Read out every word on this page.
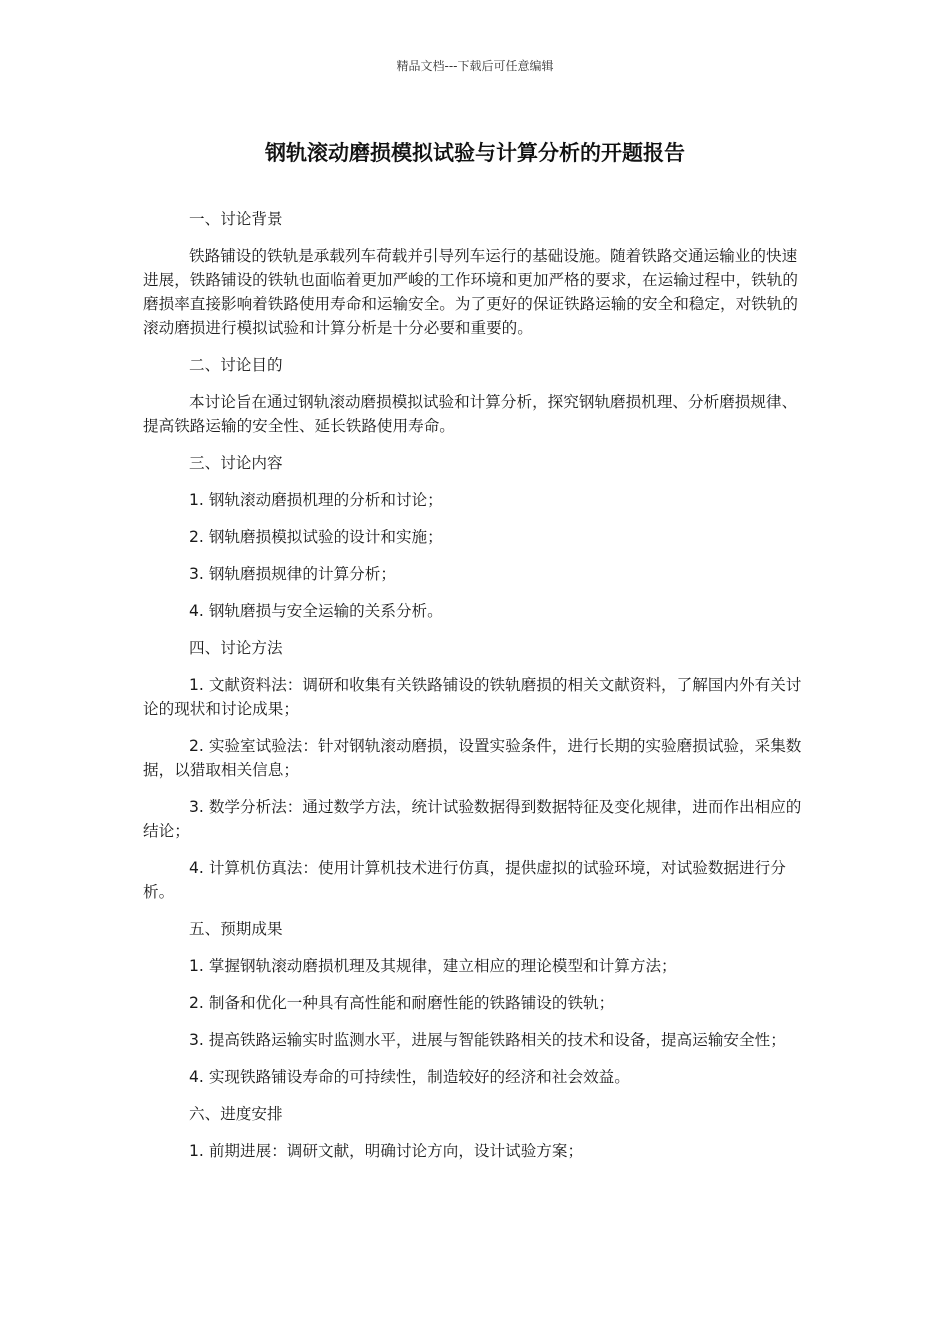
精品文档---下载后可任意编辑
钢轨滚动磨损模拟试验与计算分析的开题报告

一、讨论背景

铁路铺设的铁轨是承载列车荷载并引导列车运行的基础设施。随着铁路交通运输业的快速进展，铁路铺设的铁轨也面临着更加严峻的工作环境和更加严格的要求，在运输过程中，铁轨的磨损率直接影响着铁路使用寿命和运输安全。为了更好的保证铁路运输的安全和稳定，对铁轨的滚动磨损进行模拟试验和计算分析是十分必要和重要的。

二、讨论目的

本讨论旨在通过钢轨滚动磨损模拟试验和计算分析，探究钢轨磨损机理、分析磨损规律、提高铁路运输的安全性、延长铁路使用寿命。

三、讨论内容

1. 钢轨滚动磨损机理的分析和讨论；

2. 钢轨磨损模拟试验的设计和实施；

3. 钢轨磨损规律的计算分析；

4. 钢轨磨损与安全运输的关系分析。

四、讨论方法

1. 文献资料法：调研和收集有关铁路铺设的铁轨磨损的相关文献资料，了解国内外有关讨论的现状和讨论成果；

2. 实验室试验法：针对钢轨滚动磨损，设置实验条件，进行长期的实验磨损试验，采集数据，以猎取相关信息；

3. 数学分析法：通过数学方法，统计试验数据得到数据特征及变化规律，进而作出相应的结论；

4. 计算机仿真法：使用计算机技术进行仿真，提供虚拟的试验环境，对试验数据进行分析。

五、预期成果

1. 掌握钢轨滚动磨损机理及其规律，建立相应的理论模型和计算方法；

2. 制备和优化一种具有高性能和耐磨性能的铁路铺设的铁轨；

3. 提高铁路运输实时监测水平，进展与智能铁路相关的技术和设备，提高运输安全性；

4. 实现铁路铺设寿命的可持续性，制造较好的经济和社会效益。

六、进度安排

1. 前期进展：调研文献，明确讨论方向，设计试验方案；
